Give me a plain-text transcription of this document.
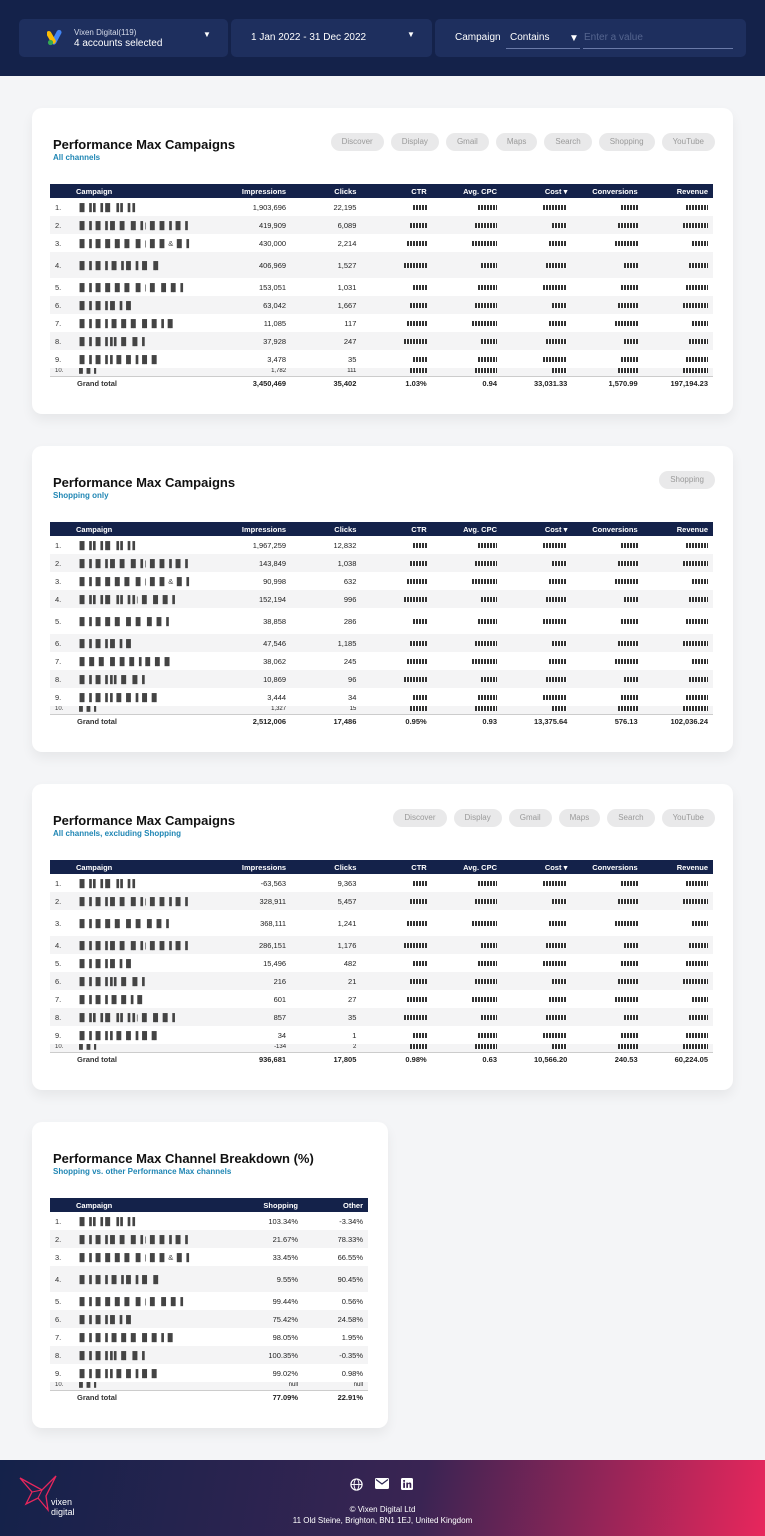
Vixen Digital(119)
4 accounts selected
▼	1 Jan 2022 - 31 Dec 2022	▼	Campaign Contains ▼ Enter a value
Performance Max Campaigns
All channels
Discover	Display	Gmail	Maps	Search	Shopping	YouTube
Campaign	Impressions	Clicks	CTR	Avg. CPC	Cost ▾	Conversions	Revenue
1. ▐▌▐ ▌▐▐▌ ▐ ▌▐▐	1,903,696	22,195					
2. ▐▌▐ ▐▌▐▐▌▐▌ ▐▌▐ | ▐▌▐▌▐ ▐▌▐	419,909	6,089					
3. ▐▌▐ ▐▌▐▌▐▌▐▌ ▐▌ | ▐▌▐▌ & ▐▌▐	430,000	2,214					
4. ▐▌▐ ▐▌▐ ▐▌▐▐▌▐ ▐▌ ▐▌	406,969	1,527					
5. ▐▌▐ ▐▌▐▌▐▌▐▌ ▐▌ | ▐▌ ▐▌▐▌▐	153,051	1,031					
6. ▐▌▐ ▐▌▐▐▌▐ ▐▌	63,042	1,667					
7. ▐▌▐ ▐▌▐ ▐▌▐▌▐▌ ▐▌▐▌▐ ▐▌	11,085	117					
8. ▐▌▐ ▐▌▐▐ ▌▐▌ ▐▌▐	37,928	247					
9. ▐▌▐ ▐▌▐▐ ▐▌▐▌▐ ▐▌▐▌	3,478	35					
10. ▐▌▐▌▐	1,782	111					
Grand total	3,450,469	35,402	1.03%	0.94	33,031.33	1,570.99	197,194.23
Performance Max Campaigns
Shopping only
Shopping
Campaign	Impressions	Clicks	CTR	Avg. CPC	Cost ▾	Conversions	Revenue
1. ▐▌▐ ▌▐▐▌ ▐ ▌▐▐	1,967,259	12,832					
2. ▐▌▐ ▐▌▐▐▌▐▌ ▐▌▐ | ▐▌▐▌▐ ▐▌▐	143,849	1,038					
3. ▐▌▐ ▐▌▐▌▐▌▐▌ ▐▌ | ▐▌▐▌ & ▐▌▐	90,998	632					
4. ▐▌▐ ▌▐▐▌ ▐ ▌▐▐ | ▐▌ ▐▌▐▌▐	152,194	996					
5. ▐▌▐ ▐▌▐▌▐▌ ▐▌▐▌ ▐▌▐▌▐	38,858	286					
6. ▐▌▐ ▐▌▐▐▌▐ ▐▌	47,546	1,185					
7. ▐▌▐▌▐▌ ▐▌▐▌▐▌▐ ▐▌▐▌▐▌	38,062	245					
8. ▐▌▐ ▐▌▐▐ ▌▐▌ ▐▌▐	10,869	96					
9. ▐▌▐ ▐▌▐▐ ▐▌▐▌▐ ▐▌▐▌	3,444	34					
10. ▐▌▐▌▐	1,327	15					
Grand total	2,512,006	17,486	0.95%	0.93	13,375.64	576.13	102,036.24
Performance Max Campaigns
All channels, excluding Shopping
Discover	Display	Gmail	Maps	Search	YouTube
Campaign	Impressions	Clicks	CTR	Avg. CPC	Cost ▾	Conversions	Revenue
1. ▐▌▐ ▌▐▐▌ ▐ ▌▐▐	-63,563	9,363					
2. ▐▌▐ ▐▌▐▐▌▐▌ ▐▌▐ | ▐▌▐▌▐ ▐▌▐	328,911	5,457					
3. ▐▌▐ ▐▌▐▌▐▌ ▐▌▐▌ ▐▌▐▌▐	368,111	1,241					
4. ▐▌▐ ▐▌▐▐▌▐▌ ▐▌▐ | ▐▌▐▌▐ ▐▌▐	286,151	1,176					
5. ▐▌▐ ▐▌▐▐▌▐ ▐▌	15,496	482					
6. ▐▌▐ ▐▌▐▐ ▌▐▌ ▐▌▐	216	21					
7. ▐▌▐ ▐▌▐ ▐▌▐▌▐ ▐▌	601	27					
8. ▐▌▐ ▌▐▐▌ ▐ ▌▐▐ | ▐▌ ▐▌▐▌▐	857	35					
9. ▐▌▐ ▐▌▐▐ ▐▌▐▌▐ ▐▌▐▌	34	1					
10. ▐▌▐▌▐	-134	2					
Grand total	936,681	17,805	0.98%	0.63	10,566.20	240.53	60,224.05
Performance Max Channel Breakdown (%)
Shopping vs. other Performance Max channels
Campaign	Shopping	Other
1. ▐▌▐ ▌▐▐▌ ▐ ▌▐▐	103.34%	-3.34%
2. ▐▌▐ ▐▌▐▐▌▐▌ ▐▌▐ | ▐▌▐▌▐ ▐▌▐	21.67%	78.33%
3. ▐▌▐ ▐▌▐▌▐▌▐▌ ▐▌ | ▐▌▐▌ & ▐▌▐	33.45%	66.55%
4. ▐▌▐ ▐▌▐ ▐▌▐▐▌▐ ▐▌ ▐▌	9.55%	90.45%
5. ▐▌▐ ▐▌▐▌▐▌▐▌ ▐▌ | ▐▌ ▐▌▐▌▐	99.44%	0.56%
6. ▐▌▐ ▐▌▐▐▌▐ ▐▌	75.42%	24.58%
7. ▐▌▐ ▐▌▐ ▐▌▐▌▐▌ ▐▌▐▌▐ ▐▌	98.05%	1.95%
8. ▐▌▐ ▐▌▐▐ ▌▐▌ ▐▌▐	100.35%	-0.35%
9. ▐▌▐ ▐▌▐▐ ▐▌▐▌▐ ▐▌▐▌	99.02%	0.98%
10. ▐▌▐▌▐	null	null
Grand total	77.09%	22.91%
vixen
digital	© Vixen Digital Ltd
11 Old Steine, Brighton, BN1 1EJ, United Kingdom
